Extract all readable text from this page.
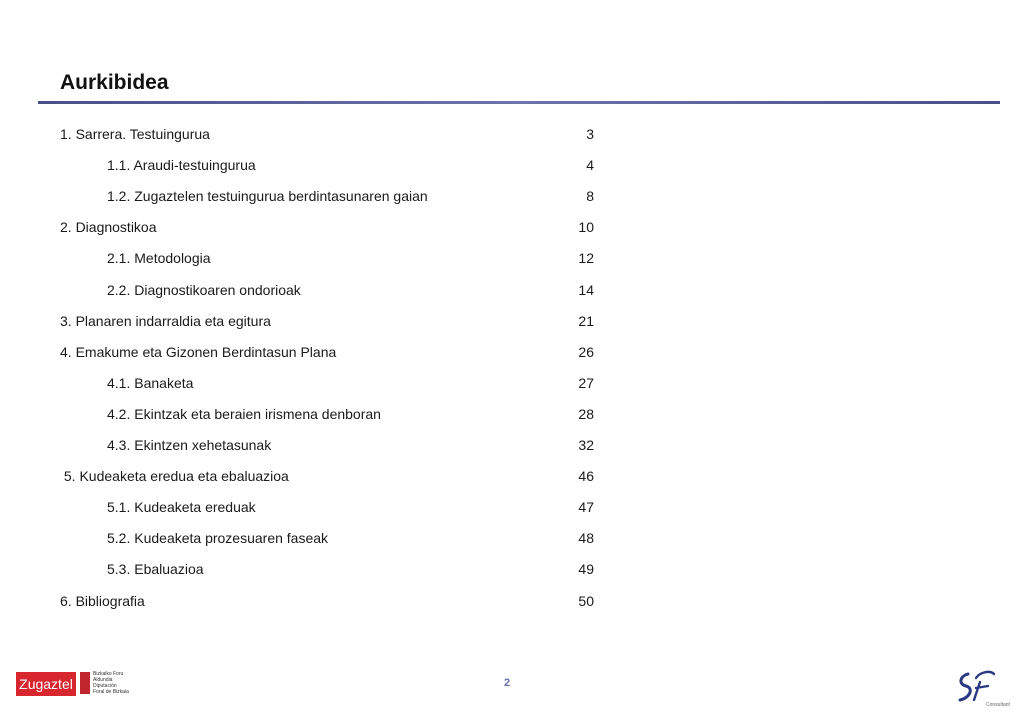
Aurkibidea
1. Sarrera. Testuingurua	3
1.1. Araudi-testuingurua	4
1.2. Zugaztelen testuingurua berdintasunaren gaian	8
2. Diagnostikoa	10
2.1. Metodologia	12
2.2. Diagnostikoaren ondorioak	14
3. Planaren indarraldia eta egitura	21
4. Emakume eta Gizonen Berdintasun Plana	26
4.1. Banaketa	27
4.2. Ekintzak eta beraien irismena denboran	28
4.3. Ekintzen xehetasunak	32
5. Kudeaketa eredua eta ebaluazioa	46
5.1. Kudeaketa ereduak	47
5.2. Kudeaketa prozesuaren faseak	48
5.3. Ebaluazioa	49
6. Bibliografia	50
2
Zugaztel
Bizkaiko Foru
Aldundia
Diputación
Foral de Bizkaia
Consultants
